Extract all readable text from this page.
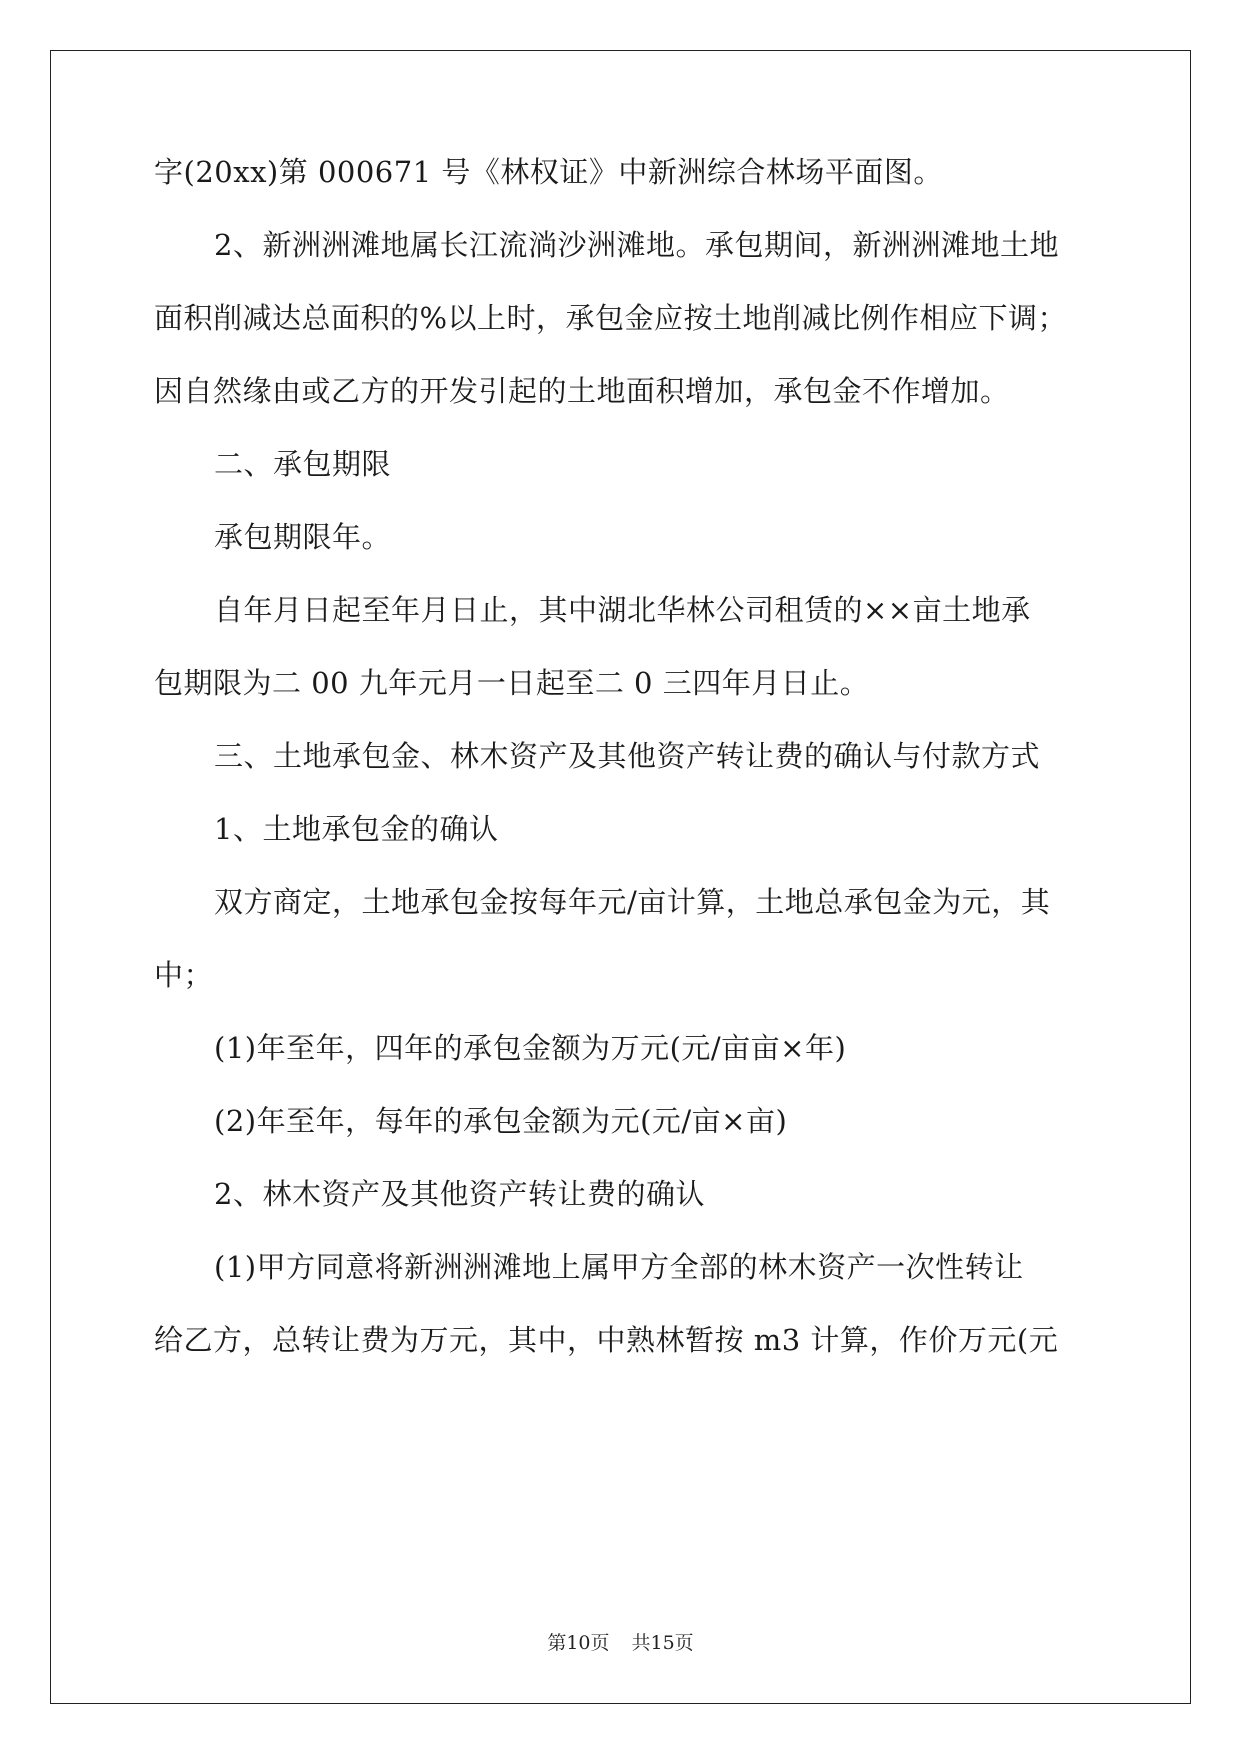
字(20xx)第 000671 号《林权证》中新洲综合林场平面图。

2、新洲洲滩地属长江流淌沙洲滩地。承包期间，新洲洲滩地土地

面积削减达总面积的%以上时，承包金应按土地削减比例作相应下调；

因自然缘由或乙方的开发引起的土地面积增加，承包金不作增加。

二、承包期限

承包期限年。

自年月日起至年月日止，其中湖北华林公司租赁的××亩土地承

包期限为二 00 九年元月一日起至二 0 三四年月日止。

三、土地承包金、林木资产及其他资产转让费的确认与付款方式

1、土地承包金的确认

双方商定，土地承包金按每年元/亩计算，土地总承包金为元，其

中；

(1)年至年，四年的承包金额为万元(元/亩亩×年)

(2)年至年，每年的承包金额为元(元/亩×亩)

2、林木资产及其他资产转让费的确认

(1)甲方同意将新洲洲滩地上属甲方全部的林木资产一次性转让

给乙方，总转让费为万元，其中，中熟林暂按 m3 计算，作价万元(元

第10页 共15页
